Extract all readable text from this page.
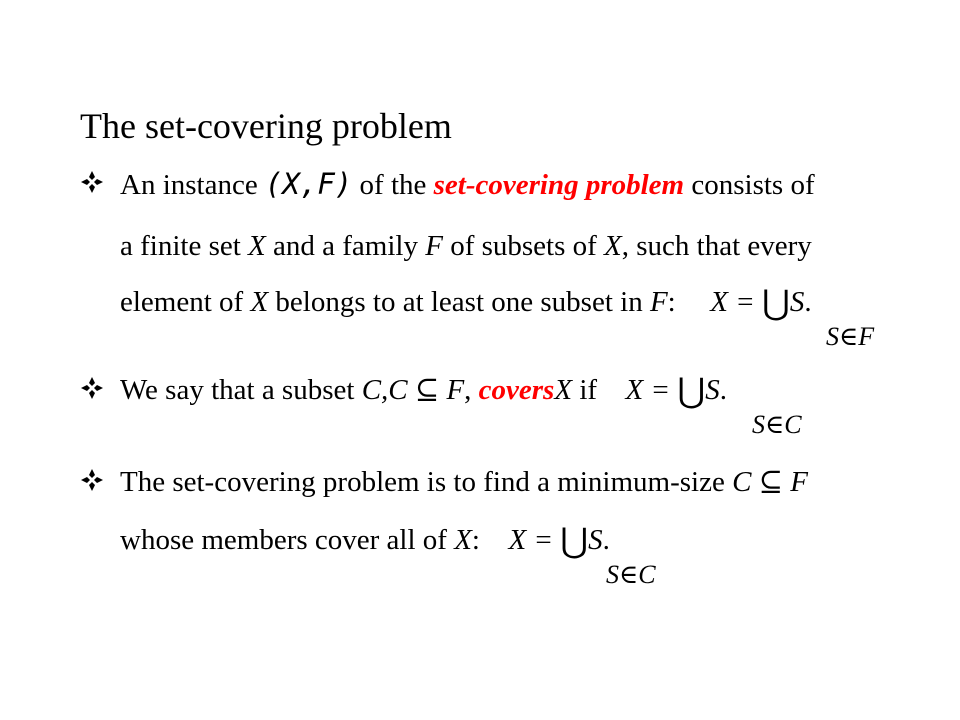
The set-covering problem
An instance (X,F) of the set-covering problem consists of
a finite set X and a family F of subsets of X, such that every
element of X belongs to at least one subset in F: X = ⋃S.
S∈F
We say that a subset C,C ⊆ F, coversX if  X = ⋃S.
S∈C
The set-covering problem is to find a minimum-size C ⊆ F
whose members cover all of X: X = ⋃S.
S∈C
